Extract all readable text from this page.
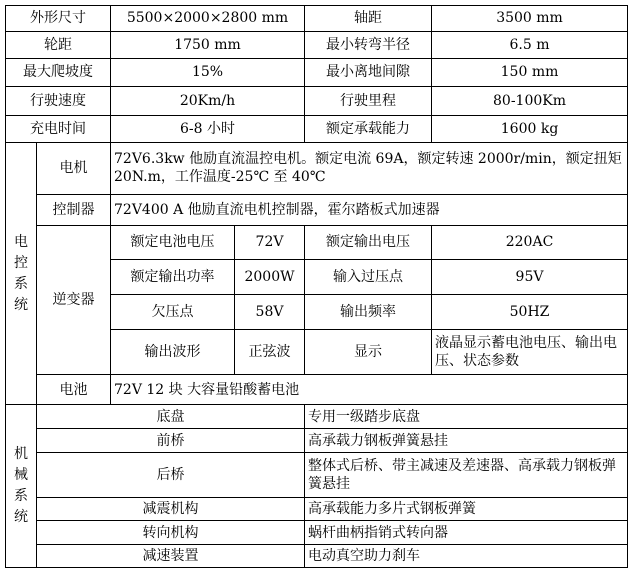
外形尺寸		5500×2000×2800 mm		轴距	3500 mm
轮距		1750 mm		最小转弯半径	6.5 m
最大爬坡度		15%		最小离地间隙	150 mm
行驶速度		20Km/h		行驶里程	80-100Km
充电时间		6-8 小时		额定承载能力	1600 kg
电控系统	电机	72V6.3kw 他励直流温控电机。额定电流 69A，额定转速 2000r/min，额定扭矩 20N.m，工作温度-25℃ 至 40℃			
	控制器	72V400 A 他励直流电机控制器，霍尔踏板式加速器			
	逆变器	额定电池电压	72V	额定输出电压	220AC
		额定输出功率	2000W	输入过压点	95V
		欠压点	58V	输出频率	50HZ
		输出波形	正弦波	显示	液晶显示蓄电池电压、输出电压、状态参数
	电池	72V 12 块 大容量铅酸蓄电池			
机械系统	底盘			专用一级踏步底盘	
	前桥			高承载力钢板弹簧悬挂	
	后桥			整体式后桥、带主减速及差速器、高承载力钢板弹簧悬挂	
	减震机构			高承载能力多片式钢板弹簧	
	转向机构			蜗杆曲柄指销式转向器	
	减速装置			电动真空助力刹车	
